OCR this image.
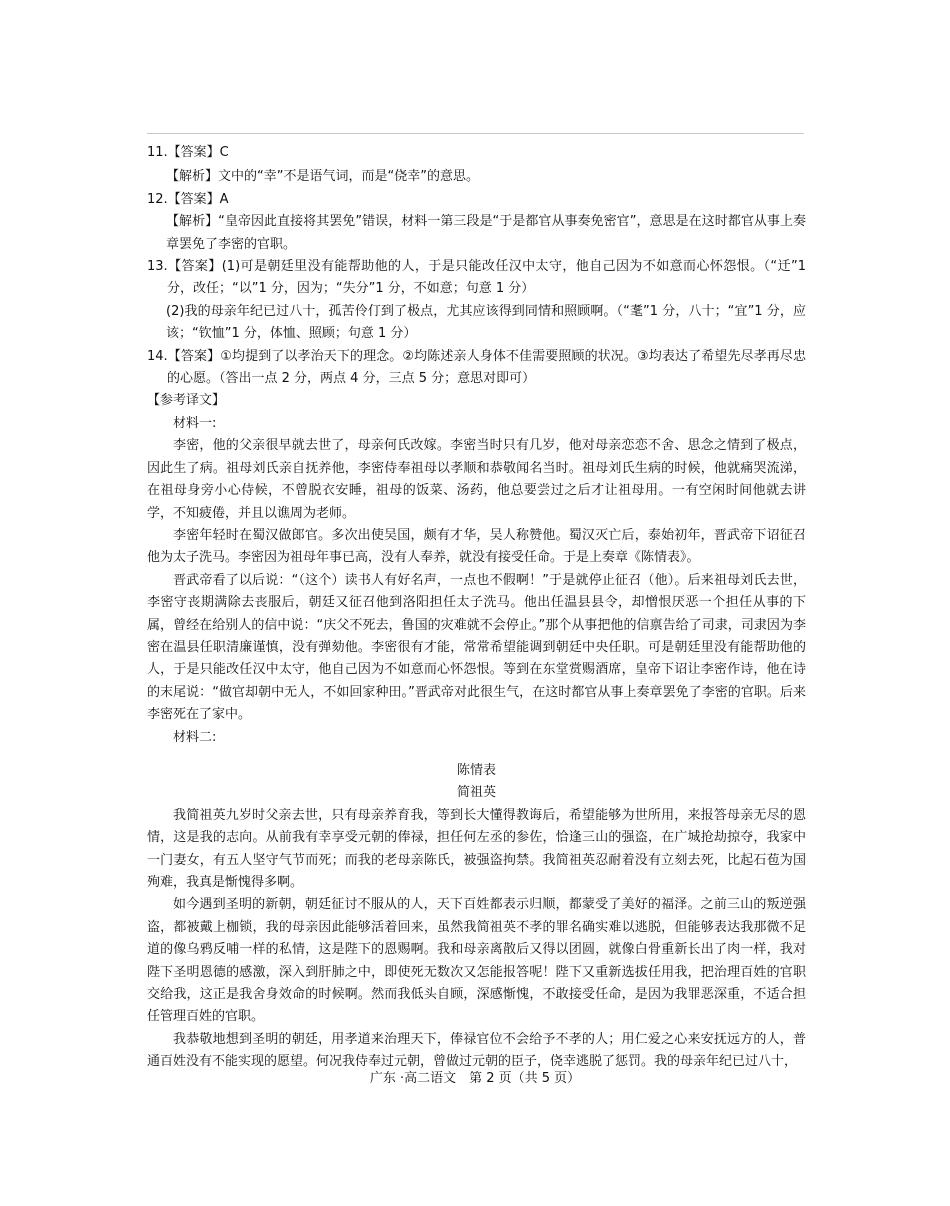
11.【答案】C

【解析】文中的“幸”不是语气词，而是“侥幸”的意思。

12.【答案】A

【解析】“皇帝因此直接将其罢免”错误，材料一第三段是“于是都官从事奏免密官”，意思是在这时都官从事上奏章罢免了李密的官职。

13.【答案】(1)可是朝廷里没有能帮助他的人，于是只能改任汉中太守，他自己因为不如意而心怀怨恨。（“迁”1 分，改任；“以”1 分，因为；“失分”1 分，不如意；句意 1 分）

(2)我的母亲年纪已过八十，孤苦伶仃到了极点，尤其应该得到同情和照顾啊。（“耄”1 分，八十；“宜”1 分，应该；“钦恤”1 分，体恤、照顾；句意 1 分）

14.【答案】①均提到了以孝治天下的理念。②均陈述亲人身体不佳需要照顾的状况。③均表达了希望先尽孝再尽忠的心愿。（答出一点 2 分，两点 4 分，三点 5 分；意思对即可）

【参考译文】

材料一:

李密，他的父亲很早就去世了，母亲何氏改嫁。李密当时只有几岁，他对母亲恋恋不舍、思念之情到了极点，因此生了病。祖母刘氏亲自抚养他，李密侍奉祖母以孝顺和恭敬闻名当时。祖母刘氏生病的时候，他就痛哭流涕，在祖母身旁小心侍候，不曾脱衣安睡，祖母的饭菜、汤药，他总要尝过之后才让祖母用。一有空闲时间他就去讲学，不知疲倦，并且以谯周为老师。

李密年轻时在蜀汉做郎官。多次出使吴国，颇有才华，吴人称赞他。蜀汉灭亡后，泰始初年，晋武帝下诏征召他为太子洗马。李密因为祖母年事已高，没有人奉养，就没有接受任命。于是上奏章《陈情表》。

晋武帝看了以后说：“（这个）读书人有好名声，一点也不假啊！”于是就停止征召（他）。后来祖母刘氏去世，李密守丧期满除去丧服后，朝廷又征召他到洛阳担任太子洗马。他出任温县县令，却憎恨厌恶一个担任从事的下属，曾经在给别人的信中说：“庆父不死去，鲁国的灾难就不会停止。”那个从事把他的信禀告给了司隶，司隶因为李密在温县任职清廉谨慎，没有弹劾他。李密很有才能，常常希望能调到朝廷中央任职。可是朝廷里没有能帮助他的人，于是只能改任汉中太守，他自己因为不如意而心怀怨恨。等到在东堂赏赐酒席，皇帝下诏让李密作诗，他在诗的末尾说：“做官却朝中无人，不如回家种田。”晋武帝对此很生气，在这时都官从事上奏章罢免了李密的官职。后来李密死在了家中。

材料二:

陈情表

简祖英

我简祖英九岁时父亲去世，只有母亲养育我，等到长大懂得教诲后，希望能够为世所用，来报答母亲无尽的恩情，这是我的志向。从前我有幸享受元朝的俸禄，担任何左丞的参佐，恰逢三山的强盗，在广城抢劫掠夺，我家中一门妻女，有五人坚守气节而死；而我的老母亲陈氏，被强盗拘禁。我简祖英忍耐着没有立刻去死，比起石苞为国殉难，我真是惭愧得多啊。

如今遇到圣明的新朝，朝廷征讨不服从的人，天下百姓都表示归顺，都蒙受了美好的福泽。之前三山的叛逆强盗，都被戴上枷锁，我的母亲因此能够活着回来，虽然我简祖英不孝的罪名确实难以逃脱，但能够表达我那微不足道的像乌鸦反哺一样的私情，这是陛下的恩赐啊。我和母亲离散后又得以团圆，就像白骨重新长出了肉一样，我对陛下圣明恩德的感激，深入到肝肺之中，即使死无数次又怎能报答呢！陛下又重新选拔任用我，把治理百姓的官职交给我，这正是我舍身效命的时候啊。然而我低头自顾，深感惭愧，不敢接受任命，是因为我罪恶深重，不适合担任管理百姓的官职。

我恭敬地想到圣明的朝廷，用孝道来治理天下，俸禄官位不会给予不孝的人；用仁爱之心来安抚远方的人，普通百姓没有不能实现的愿望。何况我侍奉过元朝，曾做过元朝的臣子，侥幸逃脱了惩罚。我的母亲年纪已过八十，

广东 ·高二语文　第 2 页（共 5 页）
